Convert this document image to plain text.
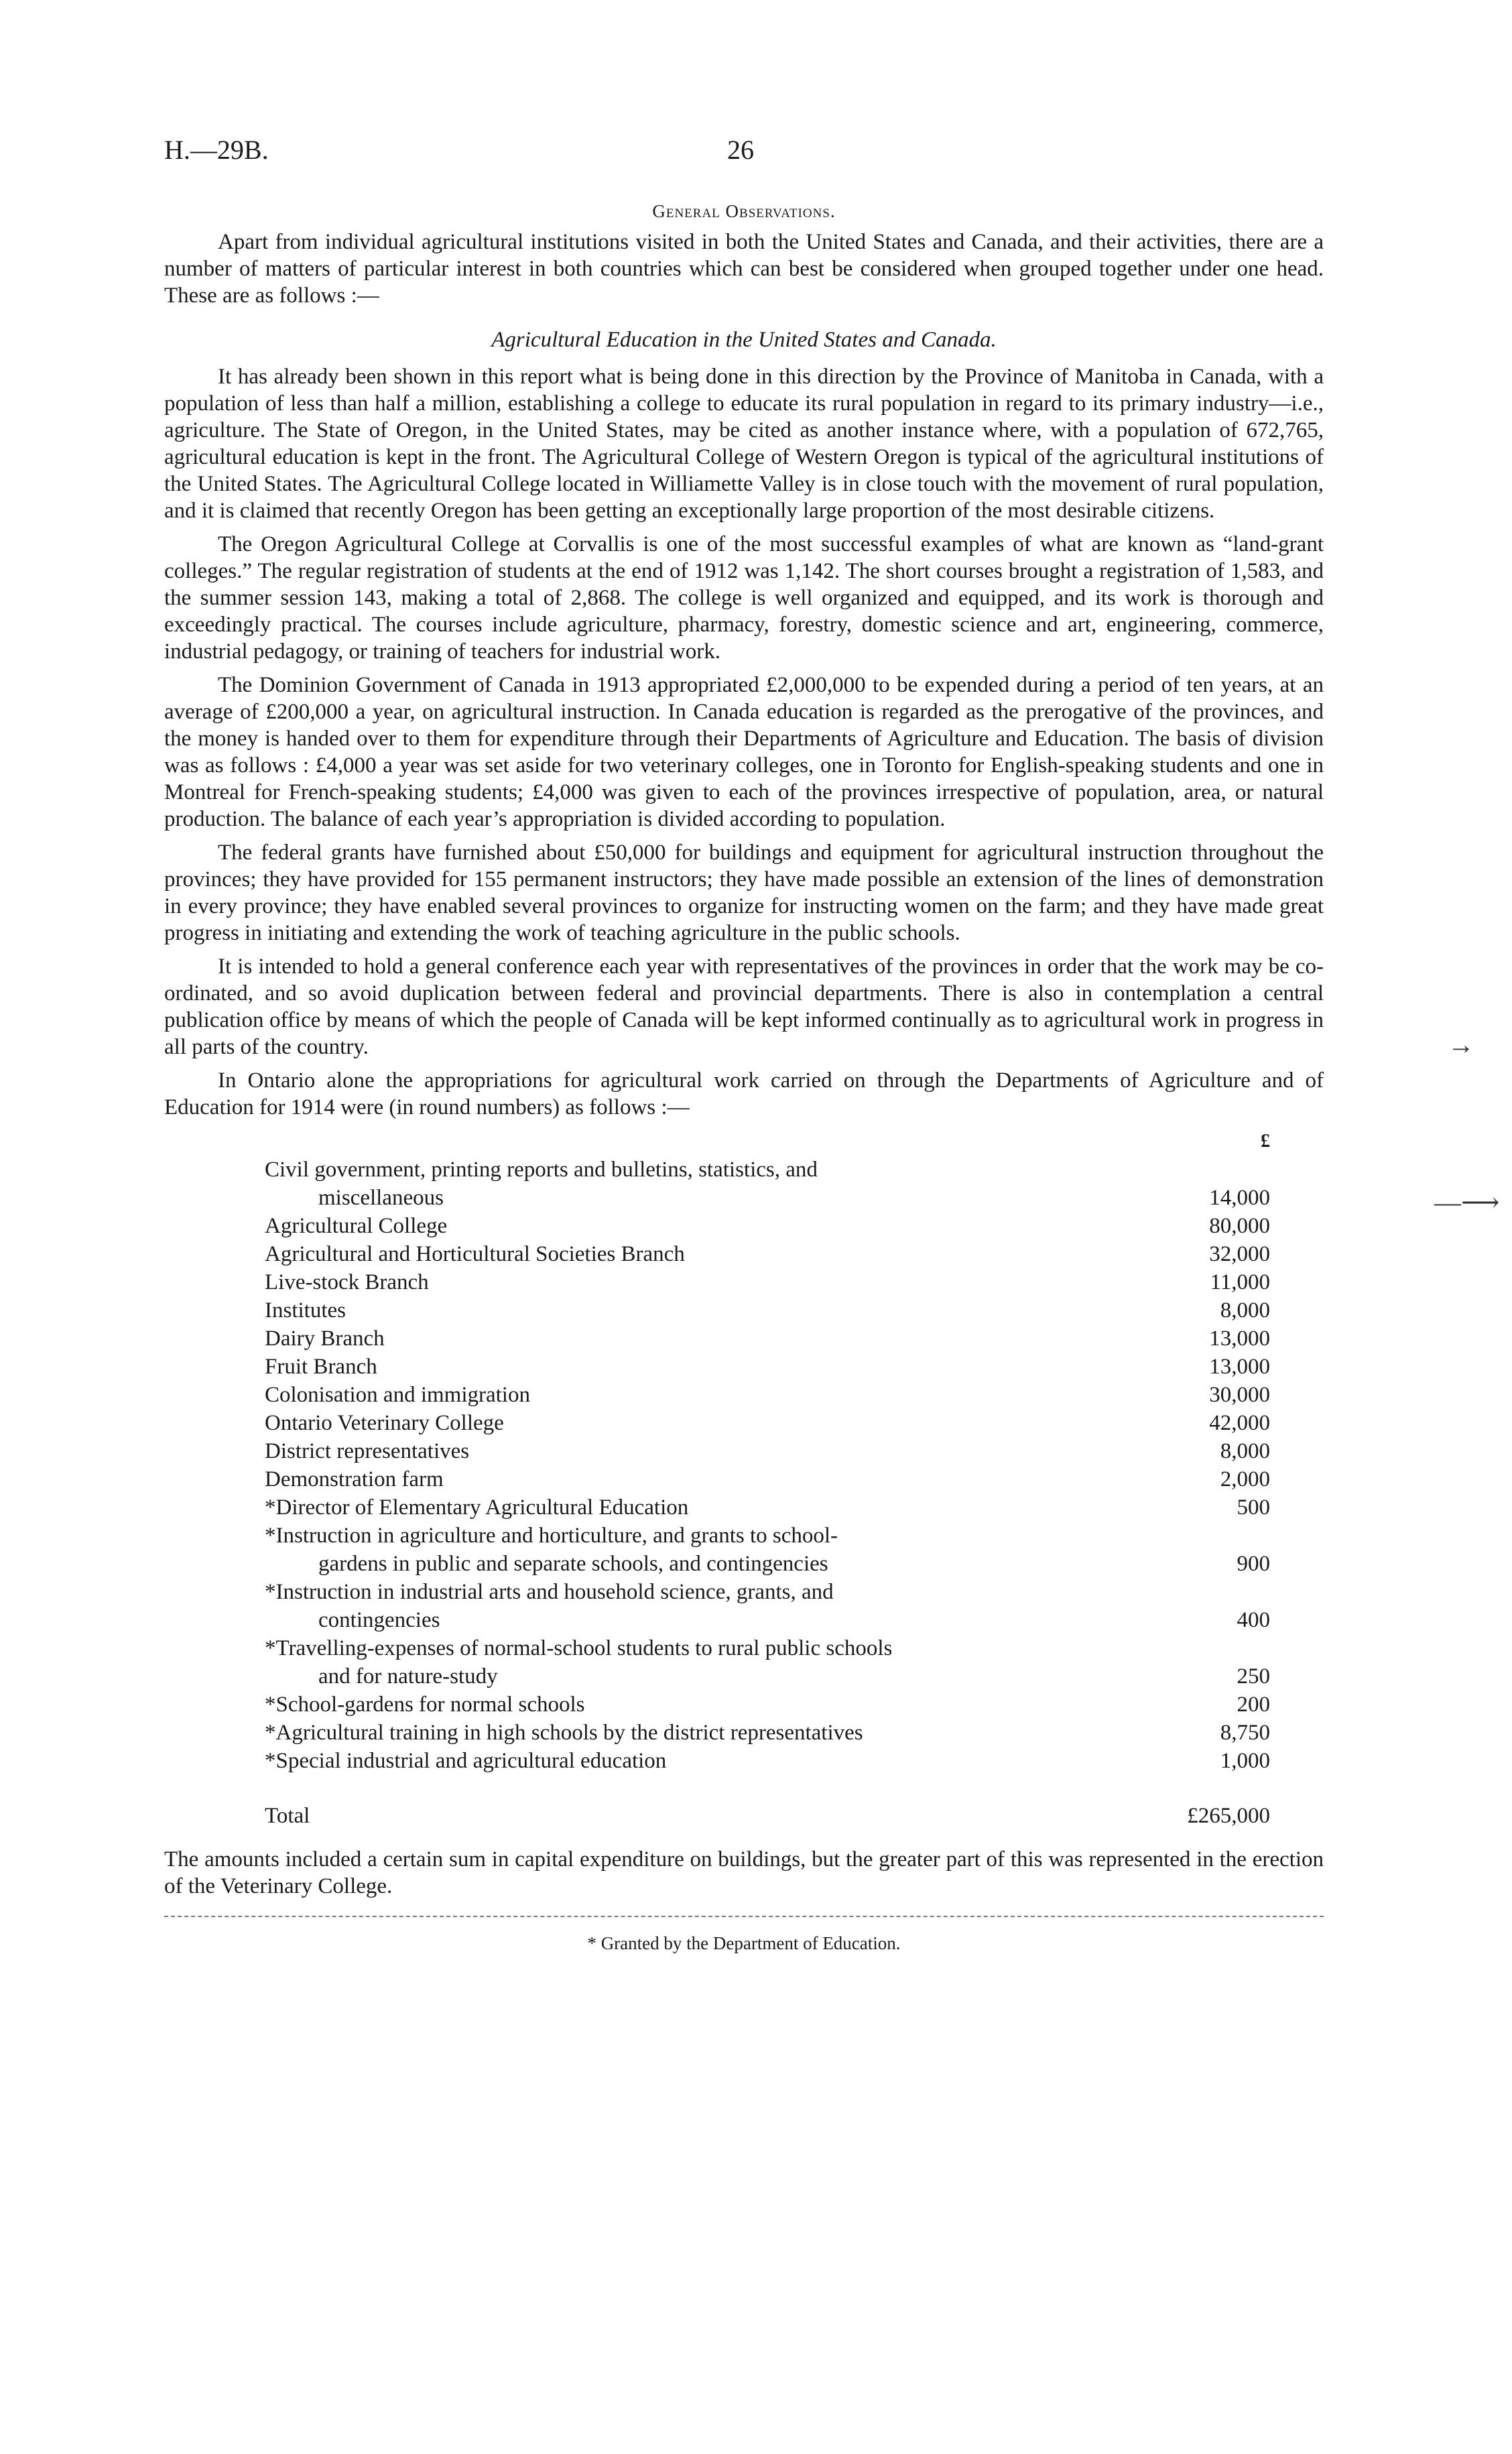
H.—29B.	26
General Observations.

Apart from individual agricultural institutions visited in both the United States and Canada, and their activities, there are a number of matters of particular interest in both countries which can best be considered when grouped together under one head. These are as follows :—

Agricultural Education in the United States and Canada.

It has already been shown in this report what is being done in this direction by the Province of Manitoba in Canada, with a population of less than half a million, establishing a college to educate its rural population in regard to its primary industry—i.e., agriculture. The State of Oregon, in the United States, may be cited as another instance where, with a population of 672,765, agricultural education is kept in the front. The Agricultural College of Western Oregon is typical of the agricultural institutions of the United States. The Agricultural College located in Williamette Valley is in close touch with the movement of rural population, and it is claimed that recently Oregon has been getting an exceptionally large proportion of the most desirable citizens.

The Oregon Agricultural College at Corvallis is one of the most successful examples of what are known as “land-grant colleges.” The regular registration of students at the end of 1912 was 1,142. The short courses brought a registration of 1,583, and the summer session 143, making a total of 2,868. The college is well organized and equipped, and its work is thorough and exceedingly practical. The courses include agriculture, pharmacy, forestry, domestic science and art, engineering, commerce, industrial pedagogy, or training of teachers for industrial work.

The Dominion Government of Canada in 1913 appropriated £2,000,000 to be expended during a period of ten years, at an average of £200,000 a year, on agricultural instruction. In Canada education is regarded as the prerogative of the provinces, and the money is handed over to them for expenditure through their Departments of Agriculture and Education. The basis of division was as follows : £4,000 a year was set aside for two veterinary colleges, one in Toronto for English-speaking students and one in Montreal for French-speaking students; £4,000 was given to each of the provinces irrespective of population, area, or natural production. The balance of each year’s appropriation is divided according to population.

The federal grants have furnished about £50,000 for buildings and equipment for agricultural instruction throughout the provinces; they have provided for 155 permanent instructors; they have made possible an extension of the lines of demonstration in every province; they have enabled several provinces to organize for instructing women on the farm; and they have made great progress in initiating and extending the work of teaching agriculture in the public schools.

It is intended to hold a general conference each year with representatives of the provinces in order that the work may be co-ordinated, and so avoid duplication between federal and provincial departments. There is also in contemplation a central publication office by means of which the people of Canada will be kept informed continually as to agricultural work in progress in all parts of the country.

In Ontario alone the appropriations for agricultural work carried on through the Departments of Agriculture and of Education for 1914 were (in round numbers) as follows :—

	£

Civil government, printing reports and bulletins, statistics, and
miscellaneous	14,000

Agricultural College	80,000

Agricultural and Horticultural Societies Branch	32,000

Live-stock Branch	11,000

Institutes	8,000

Dairy Branch	13,000

Fruit Branch	13,000

Colonisation and immigration	30,000

Ontario Veterinary College	42,000

District representatives	8,000

Demonstration farm	2,000

*Director of Elementary Agricultural Education	500

*Instruction in agriculture and horticulture, and grants to school-
gardens in public and separate schools, and contingencies	900

*Instruction in industrial arts and household science, grants, and
contingencies	400

*Travelling-expenses of normal-school students to rural public schools
and for nature-study	250

*School-gardens for normal schools	200

*Agricultural training in high schools by the district representatives	8,750

*Special industrial and agricultural education	1,000
Total	£265,000

The amounts included a certain sum in capital expenditure on buildings, but the greater part of this was represented in the erection of the Veterinary College.

* Granted by the Department of Education.
—⟶
→
